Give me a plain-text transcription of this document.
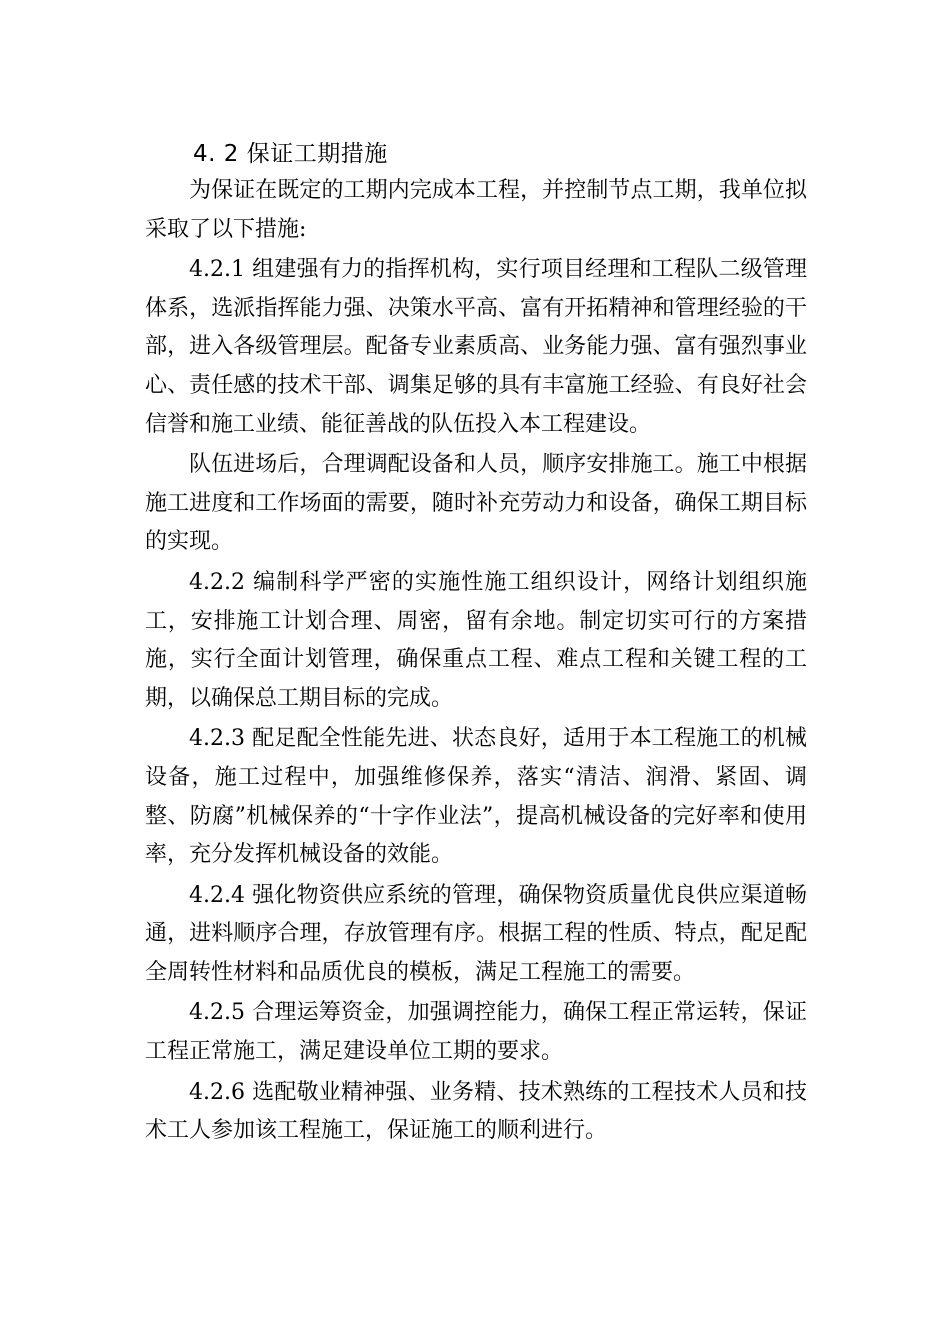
4. 2 保证工期措施

为保证在既定的工期内完成本工程，并控制节点工期，我单位拟采取了以下措施:

4.2.1 组建强有力的指挥机构，实行项目经理和工程队二级管理体系，选派指挥能力强、决策水平高、富有开拓精神和管理经验的干部，进入各级管理层。配备专业素质高、业务能力强、富有强烈事业心、责任感的技术干部、调集足够的具有丰富施工经验、有良好社会信誉和施工业绩、能征善战的队伍投入本工程建设。

队伍进场后，合理调配设备和人员，顺序安排施工。施工中根据施工进度和工作场面的需要，随时补充劳动力和设备，确保工期目标的实现。

4.2.2 编制科学严密的实施性施工组织设计，网络计划组织施工，安排施工计划合理、周密，留有余地。制定切实可行的方案措施，实行全面计划管理，确保重点工程、难点工程和关键工程的工期，以确保总工期目标的完成。

4.2.3 配足配全性能先进、状态良好，适用于本工程施工的机械设备，施工过程中，加强维修保养，落实“清洁、润滑、紧固、调整、防腐”机械保养的“十字作业法”，提高机械设备的完好率和使用率，充分发挥机械设备的效能。

4.2.4 强化物资供应系统的管理，确保物资质量优良供应渠道畅通，进料顺序合理，存放管理有序。根据工程的性质、特点，配足配全周转性材料和品质优良的模板，满足工程施工的需要。

4.2.5 合理运筹资金，加强调控能力，确保工程正常运转，保证工程正常施工，满足建设单位工期的要求。

4.2.6 选配敬业精神强、业务精、技术熟练的工程技术人员和技术工人参加该工程施工，保证施工的顺利进行。
